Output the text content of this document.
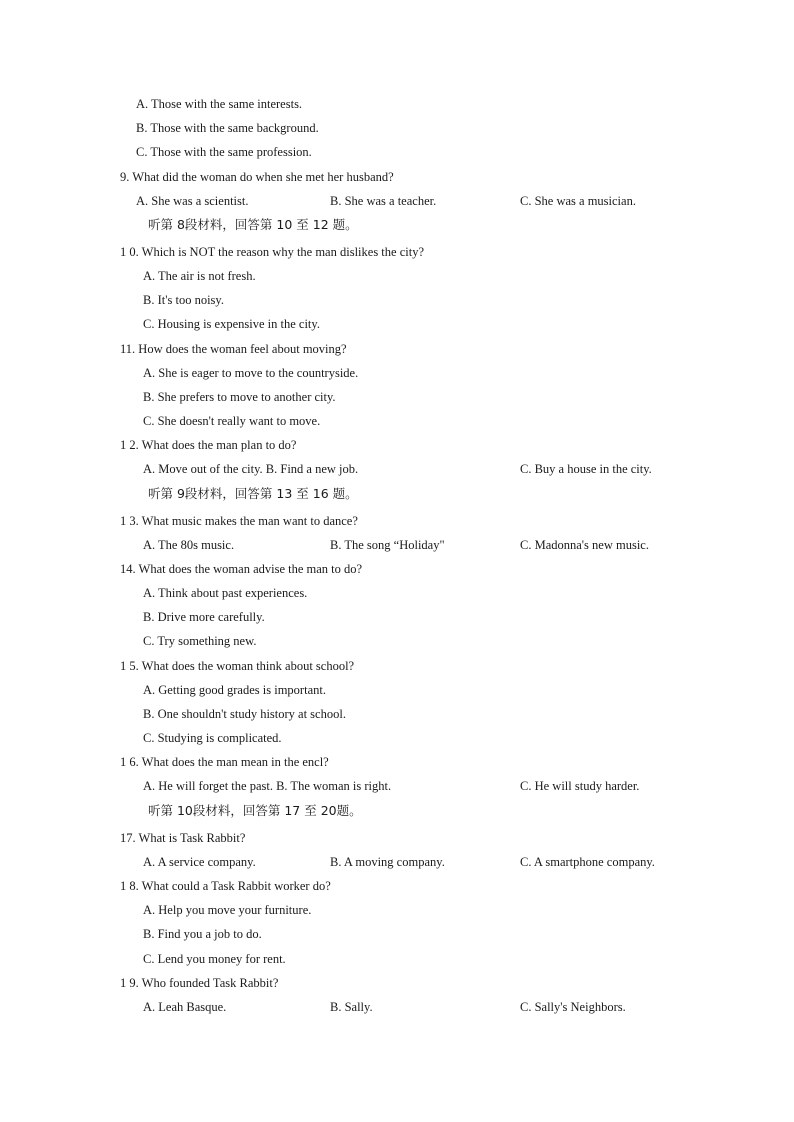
A. Those with the same interests.
B. Those with the same background.
C. Those with the same profession.
9. What did the woman do when she met her husband?
A. She was a scientist.	B. She was a teacher.	C. She was a musician.
听第 8段材料，回答第 10 至 12 题。
1 0. Which is NOT the reason why the man dislikes the city?
A. The air is not fresh.
B. It's too noisy.
C. Housing is expensive in the city.
11. How does the woman feel about moving?
A. She is eager to move to the countryside.
B. She prefers to move to another city.
C. She doesn't really want to move.
1 2. What does the man plan to do?
A. Move out of the city. B. Find a new job.	C. Buy a house in the city.
听第 9段材料，回答第 13 至 16 题。
1 3. What music makes the man want to dance?
A. The 80s music.	B. The song “Holiday"	C. Madonna's new music.
14. What does the woman advise the man to do?
A. Think about past experiences.
B. Drive more carefully.
C. Try something new.
1 5. What does the woman think about school?
A. Getting good grades is important.
B. One shouldn't study history at school.
C. Studying is complicated.
1 6. What does the man mean in the encl?
A. He will forget the past. B. The woman is right.	C. He will study harder.
听第 10段材料，回答第 17 至 20题。
17. What is Task Rabbit?
A. A service company.	B. A moving company.	C. A smartphone company.
1 8. What could a Task Rabbit worker do?
A. Help you move your furniture.
B. Find you a job to do.
C. Lend you money for rent.
1 9. Who founded Task Rabbit?
A. Leah Basque.	B. Sally.	C. Sally's Neighbors.
